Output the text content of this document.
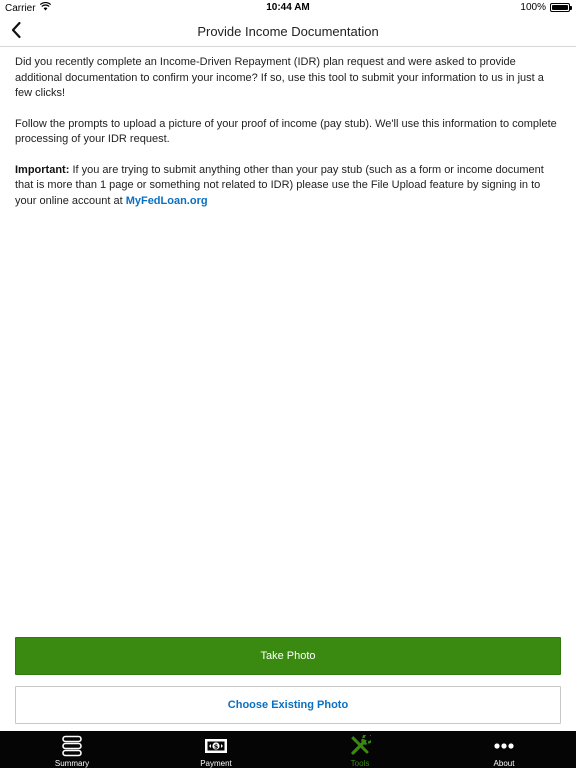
Carrier	10:44 AM	100%
Provide Income Documentation

Did you recently complete an Income-Driven Repayment (IDR) plan request and were asked to provide additional documentation to confirm your income? If so, use this tool to submit your information to us in just a few clicks!

Follow the prompts to upload a picture of your proof of income (pay stub). We'll use this information to complete processing of your IDR request.

Important: If you are trying to submit anything other than your pay stub (such as a form or income document that is more than 1 page or something not related to IDR) please use the File Upload feature by signing in to your online account at MyFedLoan.org

Take Photo
Choose Existing Photo
Summary
$
Payment	Tools	About
